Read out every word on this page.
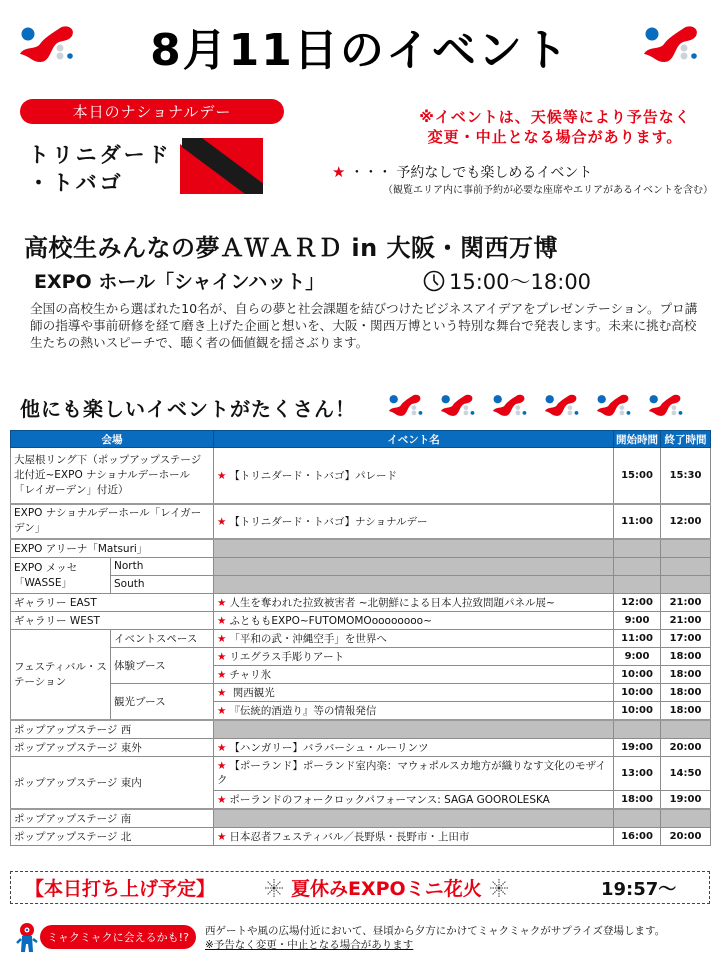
8月11日のイベント
本日のナショナルデー
トリニダード
・トバゴ
※イベントは、天候等により予告なく
変更・中止となる場合があります。
★ ・・・ 予約なしでも楽しめるイベント
（観覧エリア内に事前予約が必要な座席やエリアがあるイベントを含む）
高校生みんなの夢ＡＷＡＲＤ in 大阪・関西万博
EXPO ホール「シャインハット」	15:00〜18:00
全国の高校生から選ばれた10名が、自らの夢と社会課題を結びつけたビジネスアイデアをプレゼンテーション。プロ講師の指導や事前研修を経て磨き上げた企画と想いを、大阪・関西万博という特別な舞台で発表します。未来に挑む高校生たちの熱いスピーチで、聴く者の価値観を揺さぶります。
他にも楽しいイベントがたくさん！
会場		イベント名	開始時間	終了時間
大屋根リング下（ポップアップステージ北付近~EXPO ナショナルデーホール「レイガーデン」付近）		★ 【トリニダード・トバゴ】パレード	15:00	15:30
EXPO ナショナルデーホール「レイガーデン」		★ 【トリニダード・トバゴ】ナショナルデー	11:00	12:00
EXPO アリーナ「Matsuri」				
EXPO メッセ「WASSE」	North			
	South			
ギャラリー EAST		★ 人生を奪われた拉致被害者 ~北朝鮮による日本人拉致問題パネル展~	12:00	21:00
ギャラリー WEST		★ ふとももEXPO~FUTOMOMOoooooooo~	9:00	21:00
フェスティバル・ステーション	イベントスペース	★ 「平和の武・沖縄空手」を世界へ	11:00	17:00
	体験ブース	★ リエグラス手彫りアート	9:00	18:00
		★ チャリ氷	10:00	18:00
	観光ブース	★ 関西観光	10:00	18:00
		★ 『伝統的酒造り』等の情報発信	10:00	18:00
ポップアップステージ 西				
ポップアップステージ 東外		★ 【ハンガリー】バラバーシュ・ルーリンツ	19:00	20:00
ポップアップステージ 東内		★ 【ポーランド】ポーランド室内楽：マウォポルスカ地方が織りなす文化のモザイク	13:00	14:50
		★ ポーランドのフォークロックパフォーマンス: SAGA GOOROLESKA	18:00	19:00
ポップアップステージ 南				
ポップアップステージ 北		★ 日本忍者フェスティバル／長野県・長野市・上田市	16:00	20:00
【本日打ち上げ予定】	夏休みEXPOミニ花火	19:57〜
ミャクミャクに会えるかも!?	西ゲートや風の広場付近において、昼頃から夕方にかけてミャクミャクがサプライズ登場します。
※予告なく変更・中止となる場合があります
